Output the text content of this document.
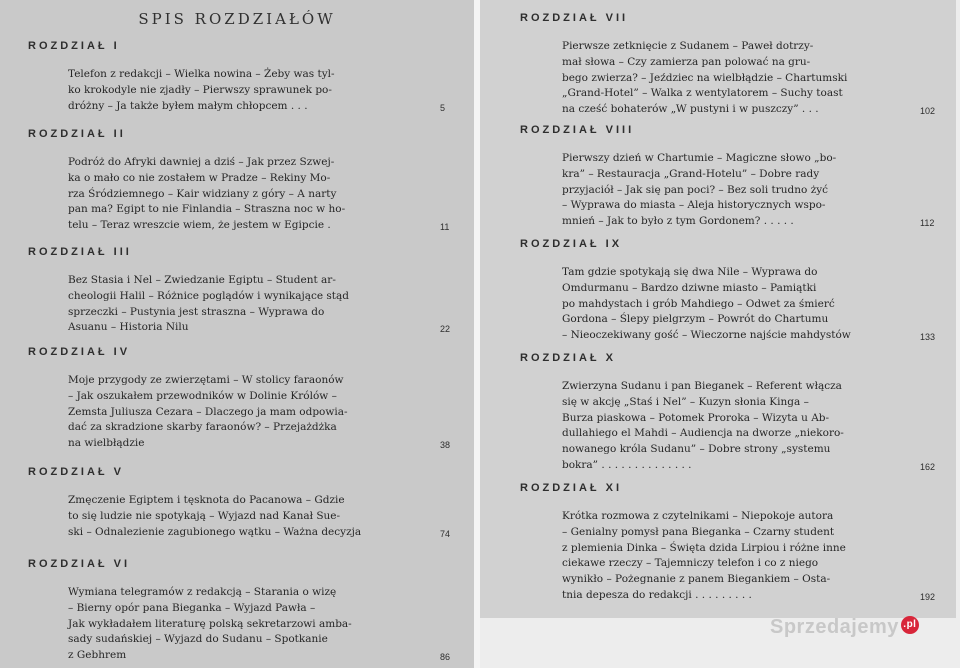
SPIS ROZDZIAŁÓW
ROZDZIAŁ I
Telefon z redakcji – Wielka nowina – Żeby was tyl-
ko krokodyle nie zjadły – Pierwszy sprawunek po-
dróżny – Ja także byłem małym chłopcem . . .	5
ROZDZIAŁ II
Podróż do Afryki dawniej a dziś – Jak przez Szwej-
ka o mało co nie zostałem w Pradze – Rekiny Mo-
rza Śródziemnego – Kair widziany z góry – A narty
pan ma? Egipt to nie Finlandia – Straszna noc w ho-
telu – Teraz wreszcie wiem, że jestem w Egipcie .	11
ROZDZIAŁ III
Bez Stasia i Nel – Zwiedzanie Egiptu – Student ar-
cheologii Halil – Różnice poglądów i wynikające stąd
sprzeczki – Pustynia jest straszna – Wyprawa do
Asuanu – Historia Nilu	22
ROZDZIAŁ IV
Moje przygody ze zwierzętami – W stolicy faraonów
– Jak oszukałem przewodników w Dolinie Królów –
Zemsta Juliusza Cezara – Dlaczego ja mam odpowia-
dać za skradzione skarby faraonów? – Przejażdżka
na wielbłądzie	38
ROZDZIAŁ V
Zmęczenie Egiptem i tęsknota do Pacanowa – Gdzie
to się ludzie nie spotykają – Wyjazd nad Kanał Sue-
ski – Odnalezienie zagubionego wątku – Ważna decyzja	74
ROZDZIAŁ VI
Wymiana telegramów z redakcją – Starania o wizę
– Bierny opór pana Bieganka – Wyjazd Pawła –
Jak wykładałem literaturę polską sekretarzowi amba-
sady sudańskiej – Wyjazd do Sudanu – Spotkanie
z Gebhrem	86
ROZDZIAŁ VII
Pierwsze zetknięcie z Sudanem – Paweł dotrzy-
mał słowa – Czy zamierza pan polować na gru-
bego zwierza? – Jeździec na wielbłądzie – Chartumski
„Grand-Hotel” – Walka z wentylatorem – Suchy toast
na cześć bohaterów „W pustyni i w puszczy” . . .	102
ROZDZIAŁ VIII
Pierwszy dzień w Chartumie – Magiczne słowo „bo-
kra” – Restauracja „Grand-Hotelu” – Dobre rady
przyjaciół – Jak się pan poci? – Bez soli trudno żyć
– Wyprawa do miasta – Aleja historycznych wspo-
mnień – Jak to było z tym Gordonem? . . . . .	112
ROZDZIAŁ IX
Tam gdzie spotykają się dwa Nile – Wyprawa do
Omdurmanu – Bardzo dziwne miasto – Pamiątki
po mahdystach i grób Mahdiego – Odwet za śmierć
Gordona – Ślepy pielgrzym – Powrót do Chartumu
– Nieoczekiwany gość – Wieczorne najście mahdystów	133
ROZDZIAŁ X
Zwierzyna Sudanu i pan Bieganek – Referent włącza
się w akcję „Staś i Nel” – Kuzyn słonia Kinga –
Burza piaskowa – Potomek Proroka – Wizyta u Ab-
dullahiego el Mahdi – Audiencja na dworze „niekoro-
nowanego króla Sudanu” – Dobre strony „systemu
bokra” . . . . . . . . . . . . . .	162
ROZDZIAŁ XI
Krótka rozmowa z czytelnikami – Niepokoje autora
– Genialny pomysł pana Bieganka – Czarny student
z plemienia Dinka – Święta dzida Lirpiou i różne inne
ciekawe rzeczy – Tajemniczy telefon i co z niego
wynikło – Pożegnanie z panem Biegankiem – Osta-
tnia depesza do redakcji . . . . . . . . .	192
Sprzedajemy .pl
